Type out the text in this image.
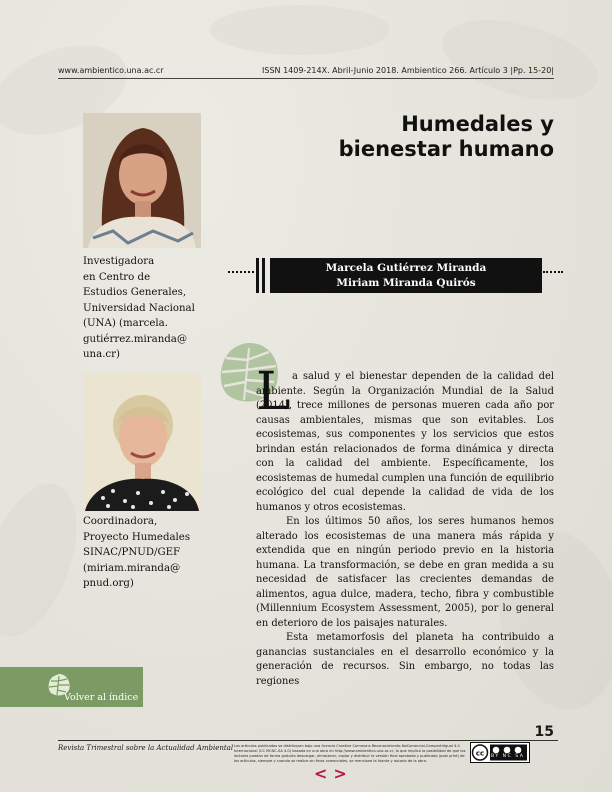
www.ambientico.una.ac.cr	ISSN 1409-214X. Abril-Junio 2018. Ambientico 266. Artículo 3 |Pp. 15-20|
Humedales y
bienestar humano
Investigadora
en Centro de
Estudios Generales,
Universidad Nacional
(UNA) (marcela.
gutiérrez.miranda@
una.cr)
Marcela Gutiérrez Miranda
Miriam Miranda Quirós
Coordinadora,
Proyecto Humedales
SINAC/PNUD/GEF
(miriam.miranda@
pnud.org)
L a salud y el bienestar dependen de la calidad del ambiente. Según la Organización Mundial de la Salud (2014), trece millones de personas mueren cada año por causas ambientales, mismas que son evitables. Los ecosistemas, sus componentes y los servicios que estos brindan están relacionados de forma dinámica y directa con la calidad del ambiente. Específicamente, los ecosistemas de humedal cumplen una función de equilibrio ecológico del cual depende la calidad de vida de los humanos y otros ecosistemas.

En los últimos 50 años, los seres humanos hemos alterado los ecosistemas de una manera más rápida y extendida que en ningún periodo previo en la historia humana. La transformación, se debe en gran medida a su necesidad de satisfacer las crecientes demandas de alimentos, agua dulce, madera, techo, fibra y combustible (Millennium Ecosystem Assessment, 2005), por lo general en deterioro de los paisajes naturales.

Esta metamorfosis del planeta ha contribuido a ganancias sustanciales en el desarrollo económico y la generación de recursos. Sin embargo, no todas las regiones

Volver al índice
15
Revista Trimestral sobre la Actualidad Ambiental Los artículos publicados se distribuyen bajo una licencia Creative Commons Reconocimiento-NoComercial-CompartirIgual 4.0 Internacional (CC BY-NC-SA 4.0) basada en una obra en http://www.ambientico.una.ac.cr, lo que implica la posibilidad de que los lectores puedan de forma gratuita descargar, almacenar, copiar y distribuir la versión final aprobada y publicada (post print) de los artículos, siempre y cuando se realice sin fines comerciales, se mencione la fuente y autoría de la obra.
cc BY NC SA
<>
